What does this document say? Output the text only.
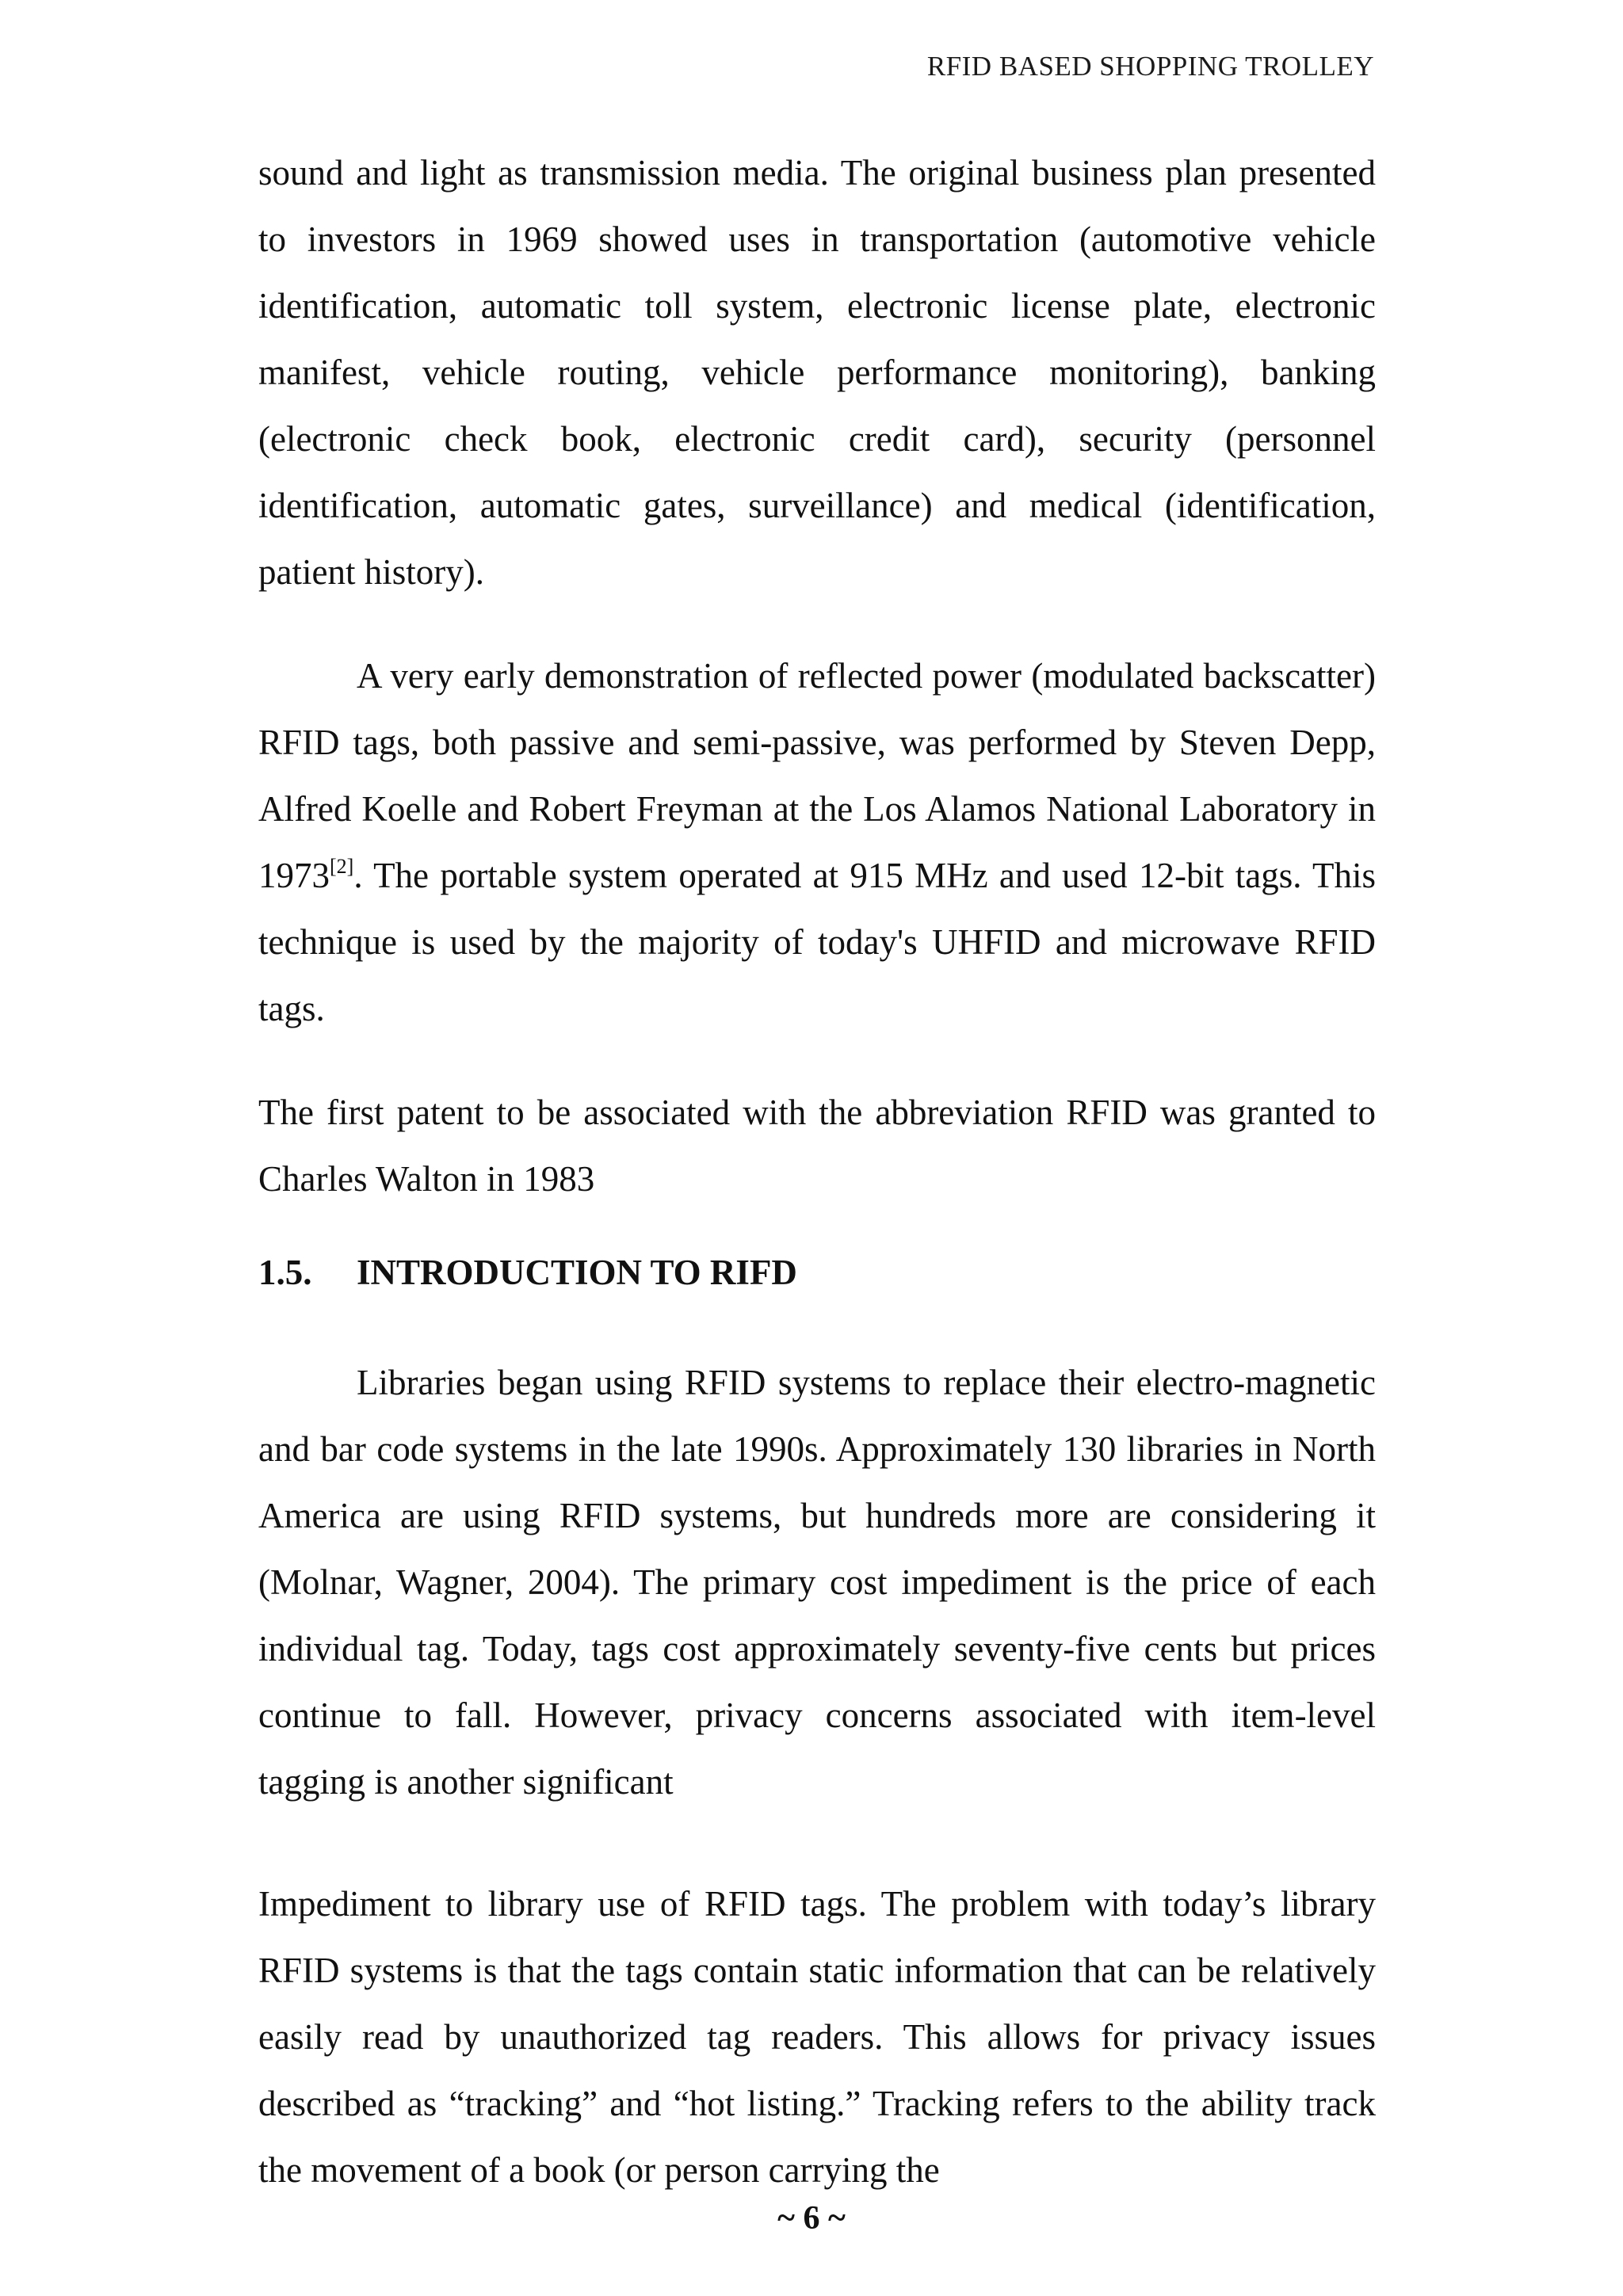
RFID BASED SHOPPING TROLLEY

sound and light as transmission media. The original business plan presented to investors in 1969 showed uses in transportation (automotive vehicle identification, automatic toll system, electronic license plate, electronic manifest, vehicle routing, vehicle performance monitoring), banking (electronic check book, electronic credit card), security (personnel identification, automatic gates, surveillance) and medical (identification, patient history).

A very early demonstration of reflected power (modulated backscatter) RFID tags, both passive and semi-passive, was performed by Steven Depp, Alfred Koelle and Robert Freyman at the Los Alamos National Laboratory in 1973[2]. The portable system operated at 915 MHz and used 12-bit tags. This technique is used by the majority of today's UHFID and microwave RFID tags.

The first patent to be associated with the abbreviation RFID was granted to Charles Walton in 1983

1.5. INTRODUCTION TO RIFD

Libraries began using RFID systems to replace their electro-magnetic and bar code systems in the late 1990s. Approximately 130 libraries in North America are using RFID systems, but hundreds more are considering it (Molnar, Wagner, 2004). The primary cost impediment is the price of each individual tag. Today, tags cost approximately seventy-five cents but prices continue to fall. However, privacy concerns associated with item-level tagging is another significant

Impediment to library use of RFID tags. The problem with today’s library RFID systems is that the tags contain static information that can be relatively easily read by unauthorized tag readers. This allows for privacy issues described as “tracking” and “hot listing.” Tracking refers to the ability track the movement of a book (or person carrying the

~ 6 ~
